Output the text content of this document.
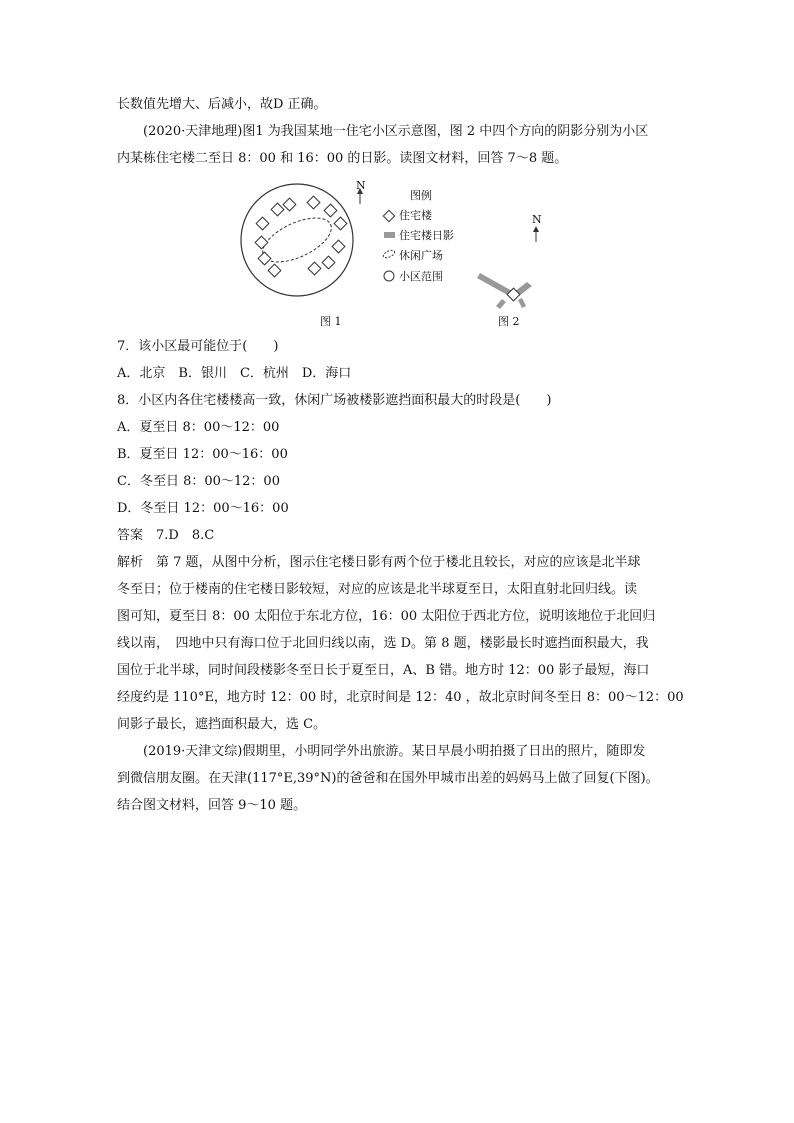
长数值先增大、后减小，故D 正确。
(2020·天津地理)图1 为我国某地一住宅小区示意图，图 2 中四个方向的阴影分别为小区
内某栋住宅楼二至日 8：00 和 16：00 的日影。读图文材料，回答 7～8 题。
N
图例
住宅楼
住宅楼日影
休闲广场
小区范围
N
图 1	图 2
7．该小区最可能位于(　　)
A．北京　B．银川　C．杭州　D．海口
8．小区内各住宅楼楼高一致，休闲广场被楼影遮挡面积最大的时段是(　　)
A．夏至日 8：00～12：00
B．夏至日 12：00～16：00
C．冬至日 8：00～12：00
D．冬至日 12：00～16：00
答案　7.D　8.C
解析　第 7 题，从图中分析，图示住宅楼日影有两个位于楼北且较长，对应的应该是北半球
冬至日；位于楼南的住宅楼日影较短，对应的应该是北半球夏至日，太阳直射北回归线。读
图可知，夏至日 8：00 太阳位于东北方位，16：00 太阳位于西北方位，说明该地位于北回归
线以南，　四地中只有海口位于北回归线以南，选 D。第 8 题，楼影最长时遮挡面积最大，我
国位于北半球，同时间段楼影冬至日长于夏至日，A、B 错。地方时 12：00 影子最短，海口
经度约是 110°E，地方时 12：00 时，北京时间是 12：40 ，故北京时间冬至日 8：00～12：00
间影子最长，遮挡面积最大，选 C。
(2019·天津文综)假期里，小明同学外出旅游。某日早晨小明拍摄了日出的照片，随即发
到微信朋友圈。在天津(117°E,39°N)的爸爸和在国外甲城市出差的妈妈马上做了回复(下图)。
结合图文材料，回答 9～10 题。
